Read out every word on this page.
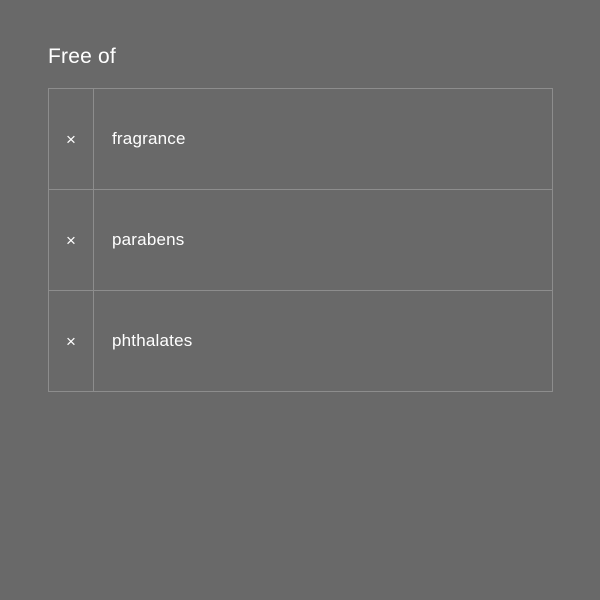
Free of
×	fragrance
×	parabens
×	phthalates
